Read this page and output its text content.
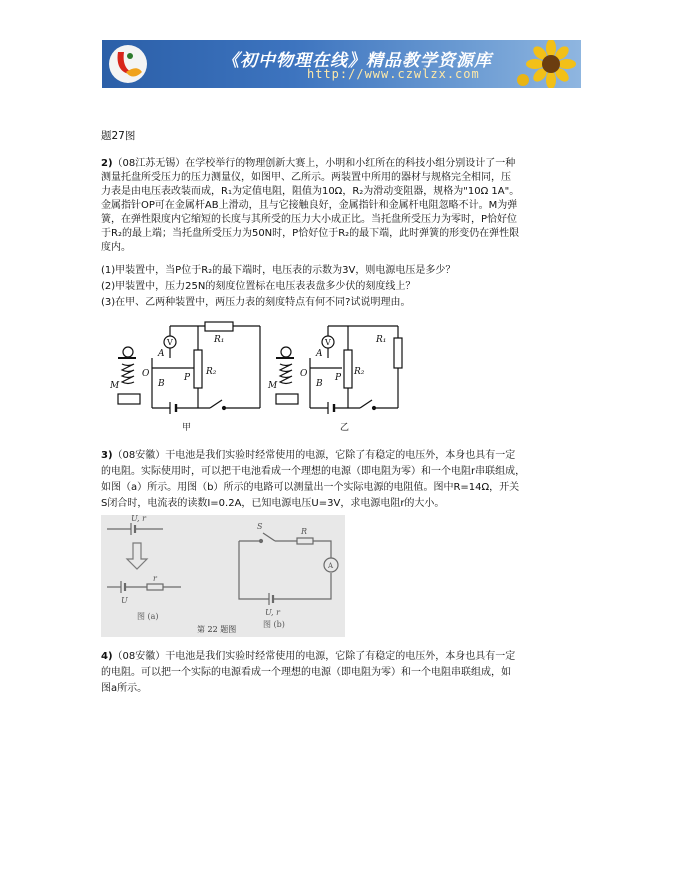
《初中物理在线》精品教学资源库
http://www.czwlzx.com
题27图
2)（08江苏无锡）在学校举行的物理创新大赛上，小明和小红所在的科技小组分别设计了一种
测量托盘所受压力的压力测量仪，如图甲、乙所示。两装置中所用的器材与规格完全相同，压
力表是由电压表改装而成，R₁为定值电阻，阻值为10Ω，R₂为滑动变阻器，规格为"10Ω 1A"。
金属指针OP可在金属杆AB上滑动，且与它接触良好，金属指针和金属杆电阻忽略不计。M为弹
簧，在弹性限度内它缩短的长度与其所受的压力大小成正比。当托盘所受压力为零时，P恰好位
于R₂的最上端；当托盘所受压力为50N时，P恰好位于R₂的最下端，此时弹簧的形变仍在弹性限
度内。
(1)甲装置中，当P位于R₂的最下端时，电压表的示数为3V，则电源电压是多少？
(2)甲装置中，压力25N的刻度位置标在电压表表盘多少伏的刻度线上？
(3)在甲、乙两种装置中，两压力表的刻度特点有何不同?试说明理由。
R₁
R₂
V
A
O
B
P
M
甲
R₁
R₂
V
A
O
B
P
M
乙
3)（08安徽）干电池是我们实验时经常使用的电源，它除了有稳定的电压外，本身也具有一定
的电阻。实际使用时，可以把干电池看成一个理想的电源（即电阻为零）和一个电阻r串联组成，
如图（a）所示。用图（b）所示的电路可以测量出一个实际电源的电阻值。图中R=14Ω，开关
S闭合时，电流表的读数I=0.2A，已知电源电压U=3V，求电源电阻r的大小。
U, r
U
r
S
R
A
U, r
图 (a)
图 (b)
第 22 题图
4)（08安徽）干电池是我们实验时经常使用的电源，它除了有稳定的电压外，本身也具有一定
的电阻。可以把一个实际的电源看成一个理想的电源（即电阻为零）和一个电阻串联组成，如
图a所示。
